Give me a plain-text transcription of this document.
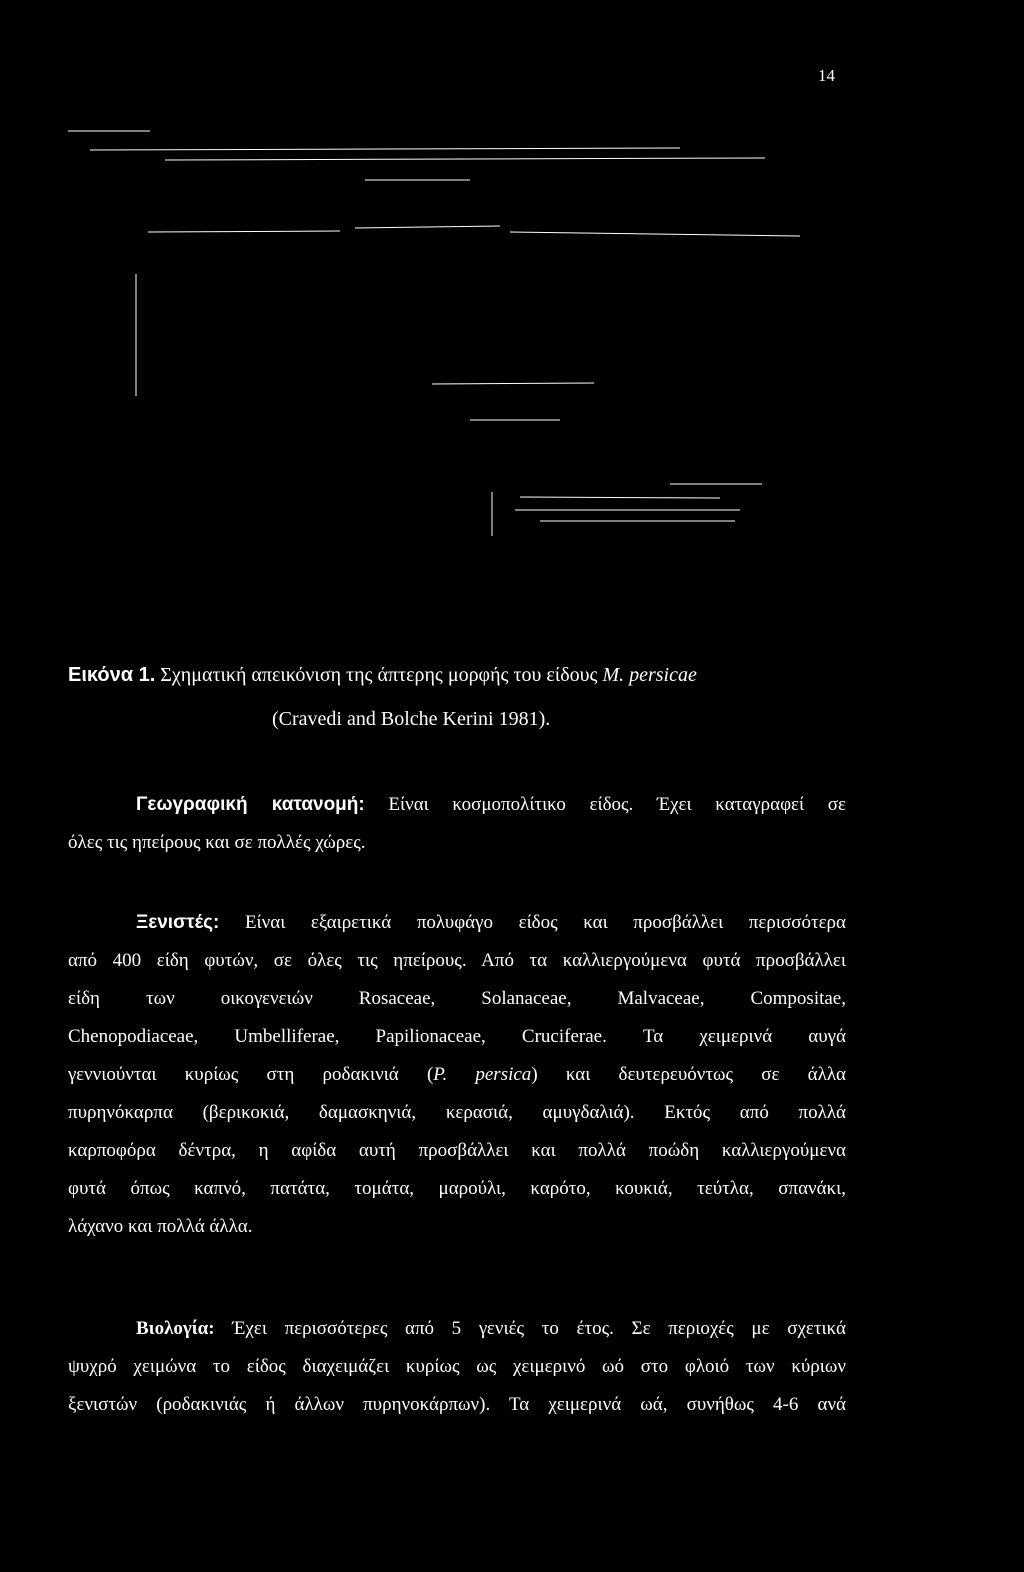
14
Εικόνα 1. Σχηματική απεικόνιση της άπτερης μορφής του είδους M. persicae
(Cravedi and Bolche Kerini 1981).
Γεωγραφική κατανομή: Είναι κοσμοπολίτικο είδος. Έχει καταγραφεί σε
όλες τις ηπείρους και σε πολλές χώρες.
Ξενιστές: Είναι εξαιρετικά πολυφάγο είδος και προσβάλλει περισσότερα
από 400 είδη φυτών, σε όλες τις ηπείρους. Από τα καλλιεργούμενα φυτά προσβάλλει
είδη των οικογενειών Rosaceae, Solanaceae, Malvaceae, Compositae,
Chenopodiaceae, Umbelliferae, Papilionaceae, Cruciferae. Τα χειμερινά αυγά
γεννιούνται κυρίως στη ροδακινιά (P. persica) και δευτερευόντως σε άλλα
πυρηνόκαρπα (βερικοκιά, δαμασκηνιά, κερασιά, αμυγδαλιά). Εκτός από πολλά
καρποφόρα δέντρα, η αφίδα αυτή προσβάλλει και πολλά ποώδη καλλιεργούμενα
φυτά όπως καπνό, πατάτα, τομάτα, μαρούλι, καρότο, κουκιά, τεύτλα, σπανάκι,
λάχανο και πολλά άλλα.
Βιολογία: Έχει περισσότερες από 5 γενιές το έτος. Σε περιοχές με σχετικά
ψυχρό χειμώνα το είδος διαχειμάζει κυρίως ως χειμερινό ωό στο φλοιό των κύριων
ξενιστών (ροδακινιάς ή άλλων πυρηνοκάρπων). Τα χειμερινά ωά, συνήθως 4-6 ανά
